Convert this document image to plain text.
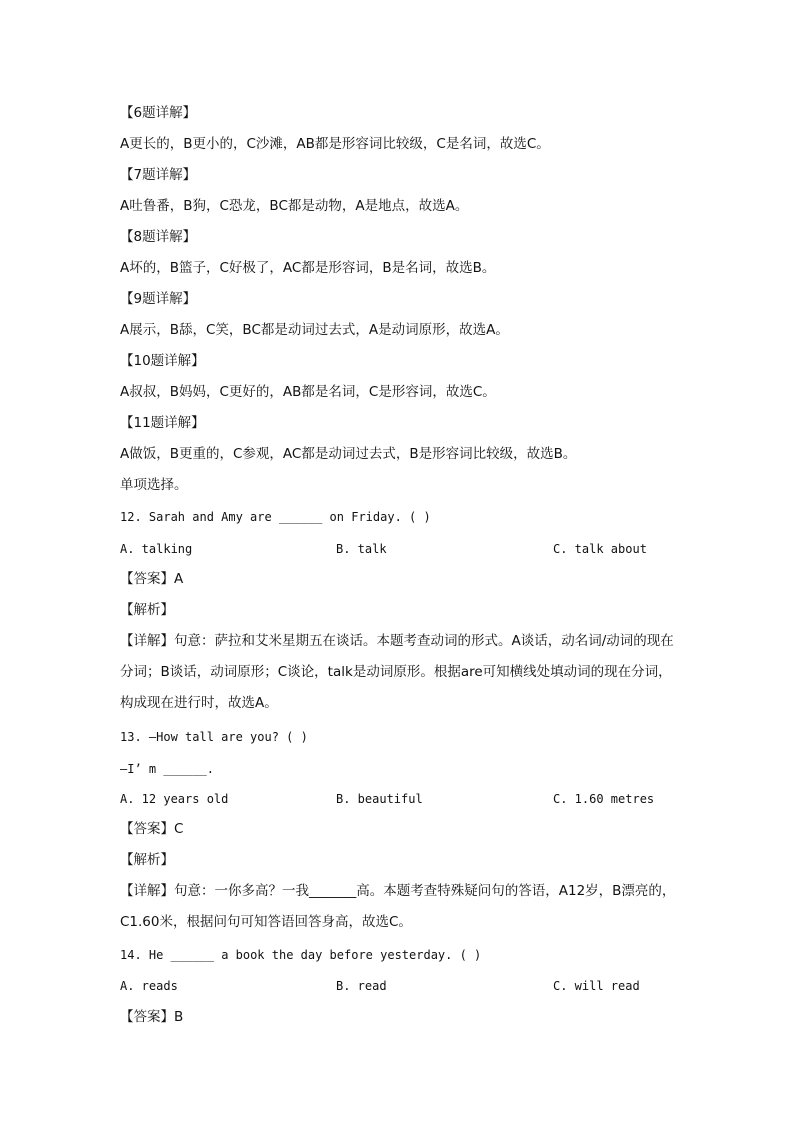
【6题详解】
A更长的，B更小的，C沙滩，AB都是形容词比较级，C是名词，故选C。
【7题详解】
A吐鲁番，B狗，C恐龙，BC都是动物，A是地点，故选A。
【8题详解】
A坏的，B篮子，C好极了，AC都是形容词，B是名词，故选B。
【9题详解】
A展示，B舔，C笑，BC都是动词过去式，A是动词原形，故选A。
【10题详解】
A叔叔，B妈妈，C更好的，AB都是名词，C是形容词，故选C。
【11题详解】
A做饭，B更重的，C参观，AC都是动词过去式，B是形容词比较级，故选B。
单项选择。
12. Sarah and Amy are ______ on Friday. ( )
A. talking	B. talk	C. talk about
【答案】A
【解析】
【详解】句意：萨拉和艾米星期五在谈话。本题考查动词的形式。A谈话，动名词/动词的现在分词；B谈话，动词原形；C谈论，talk是动词原形。根据are可知横线处填动词的现在分词，构成现在进行时，故选A。
13. —How tall are you? ( )
—I’ m ______.
A. 12 years old	B. beautiful	C. 1.60 metres
【答案】C
【解析】
【详解】句意：一你多高？一我_______高。本题考查特殊疑问句的答语，A12岁，B漂亮的，C1.60米，根据问句可知答语回答身高，故选C。
14. He ______ a book the day before yesterday. ( )
A. reads	B. read	C. will read
【答案】B
